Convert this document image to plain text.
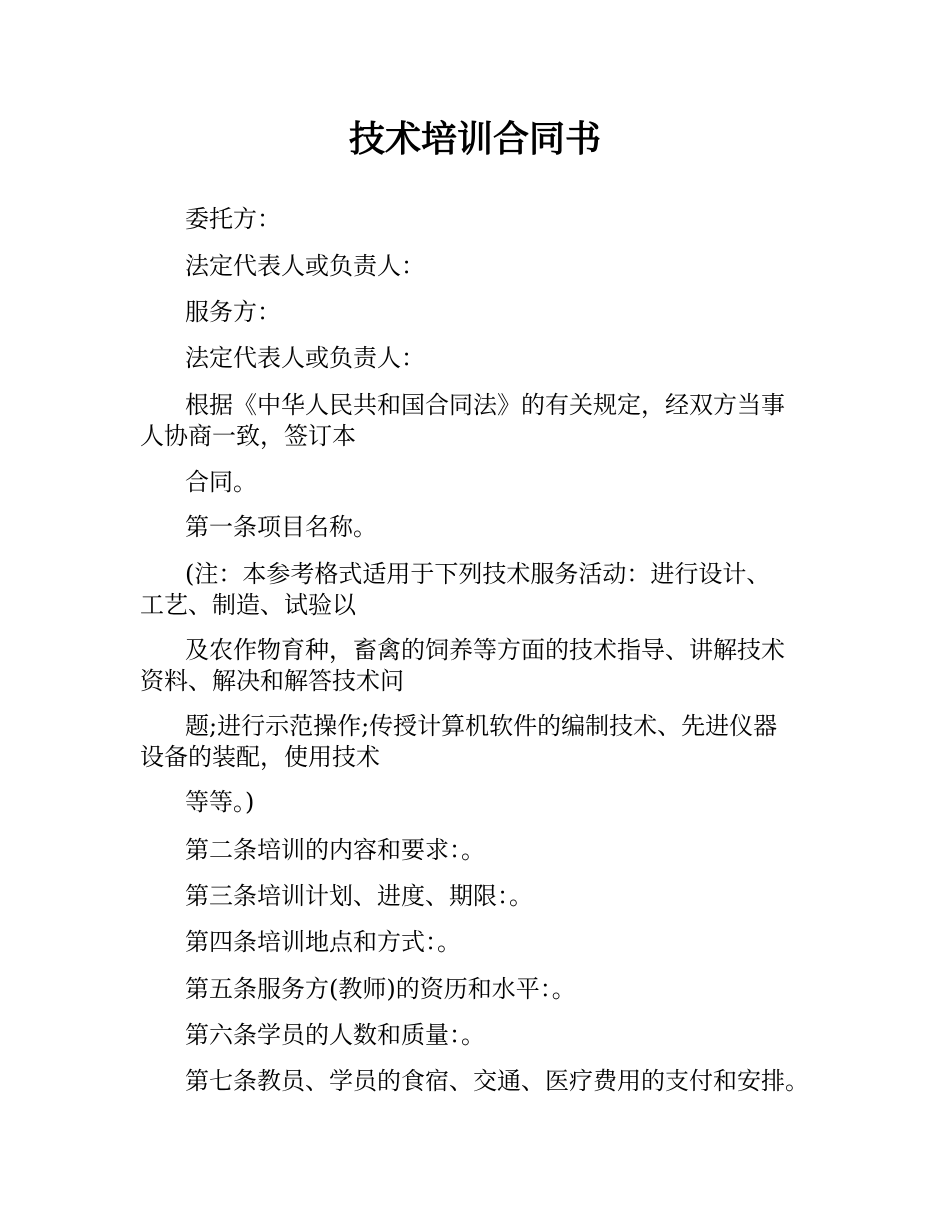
技术培训合同书
委托方：
法定代表人或负责人：
服务方：
法定代表人或负责人：
根据《中华人民共和国合同法》的有关规定，经双方当事
人协商一致，签订本
合同。
第一条项目名称。
(注：本参考格式适用于下列技术服务活动：进行设计、
工艺、制造、试验以
及农作物育种，畜禽的饲养等方面的技术指导、讲解技术
资料、解决和解答技术问
题;进行示范操作;传授计算机软件的编制技术、先进仪器
设备的装配，使用技术
等等。)
第二条培训的内容和要求：。
第三条培训计划、进度、期限：。
第四条培训地点和方式：。
第五条服务方(教师)的资历和水平：。
第六条学员的人数和质量：。
第七条教员、学员的食宿、交通、医疗费用的支付和安排。
